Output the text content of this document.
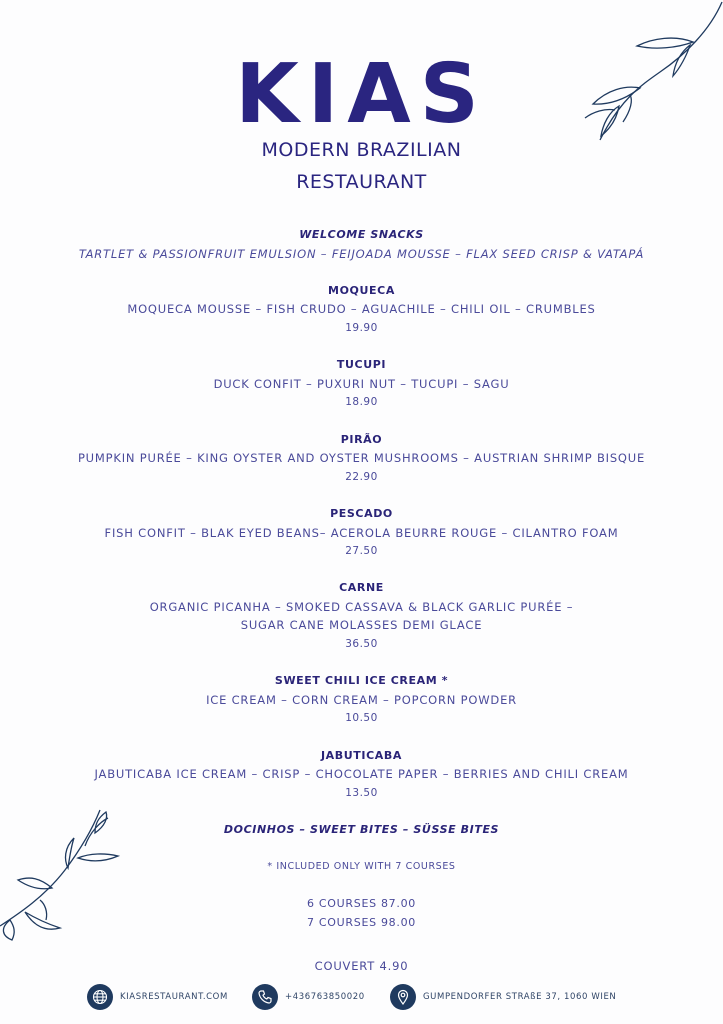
KIAS
MODERN BRAZILIAN
RESTAURANT
WELCOME SNACKS
TARTLET & PASSIONFRUIT EMULSION – FEIJOADA MOUSSE – FLAX SEED CRISP & VATAPÁ
MOQUECA
MOQUECA MOUSSE – FISH CRUDO – AGUACHILE – CHILI OIL – CRUMBLES
19.90
TUCUPI
DUCK CONFIT – PUXURI NUT – TUCUPI – SAGU
18.90
PIRÃO
PUMPKIN PURÉE – KING OYSTER AND OYSTER MUSHROOMS – AUSTRIAN SHRIMP BISQUE
22.90
PESCADO
FISH CONFIT – BLAK EYED BEANS– ACEROLA BEURRE ROUGE – CILANTRO FOAM
27.50
CARNE
ORGANIC PICANHA – SMOKED CASSAVA & BLACK GARLIC PURÉE –
SUGAR CANE MOLASSES DEMI GLACE
36.50
SWEET CHILI ICE CREAM *
ICE CREAM – CORN CREAM – POPCORN POWDER
10.50
JABUTICABA
JABUTICABA ICE CREAM – CRISP – CHOCOLATE PAPER – BERRIES AND CHILI CREAM
13.50
DOCINHOS – SWEET BITES – SÜSSE BITES
* INCLUDED ONLY WITH 7 COURSES
6 COURSES 87.00
7 COURSES 98.00
COUVERT 4.90
KIASRESTAURANT.COM	+436763850020	GUMPENDORFER STRAßE 37, 1060 WIEN
